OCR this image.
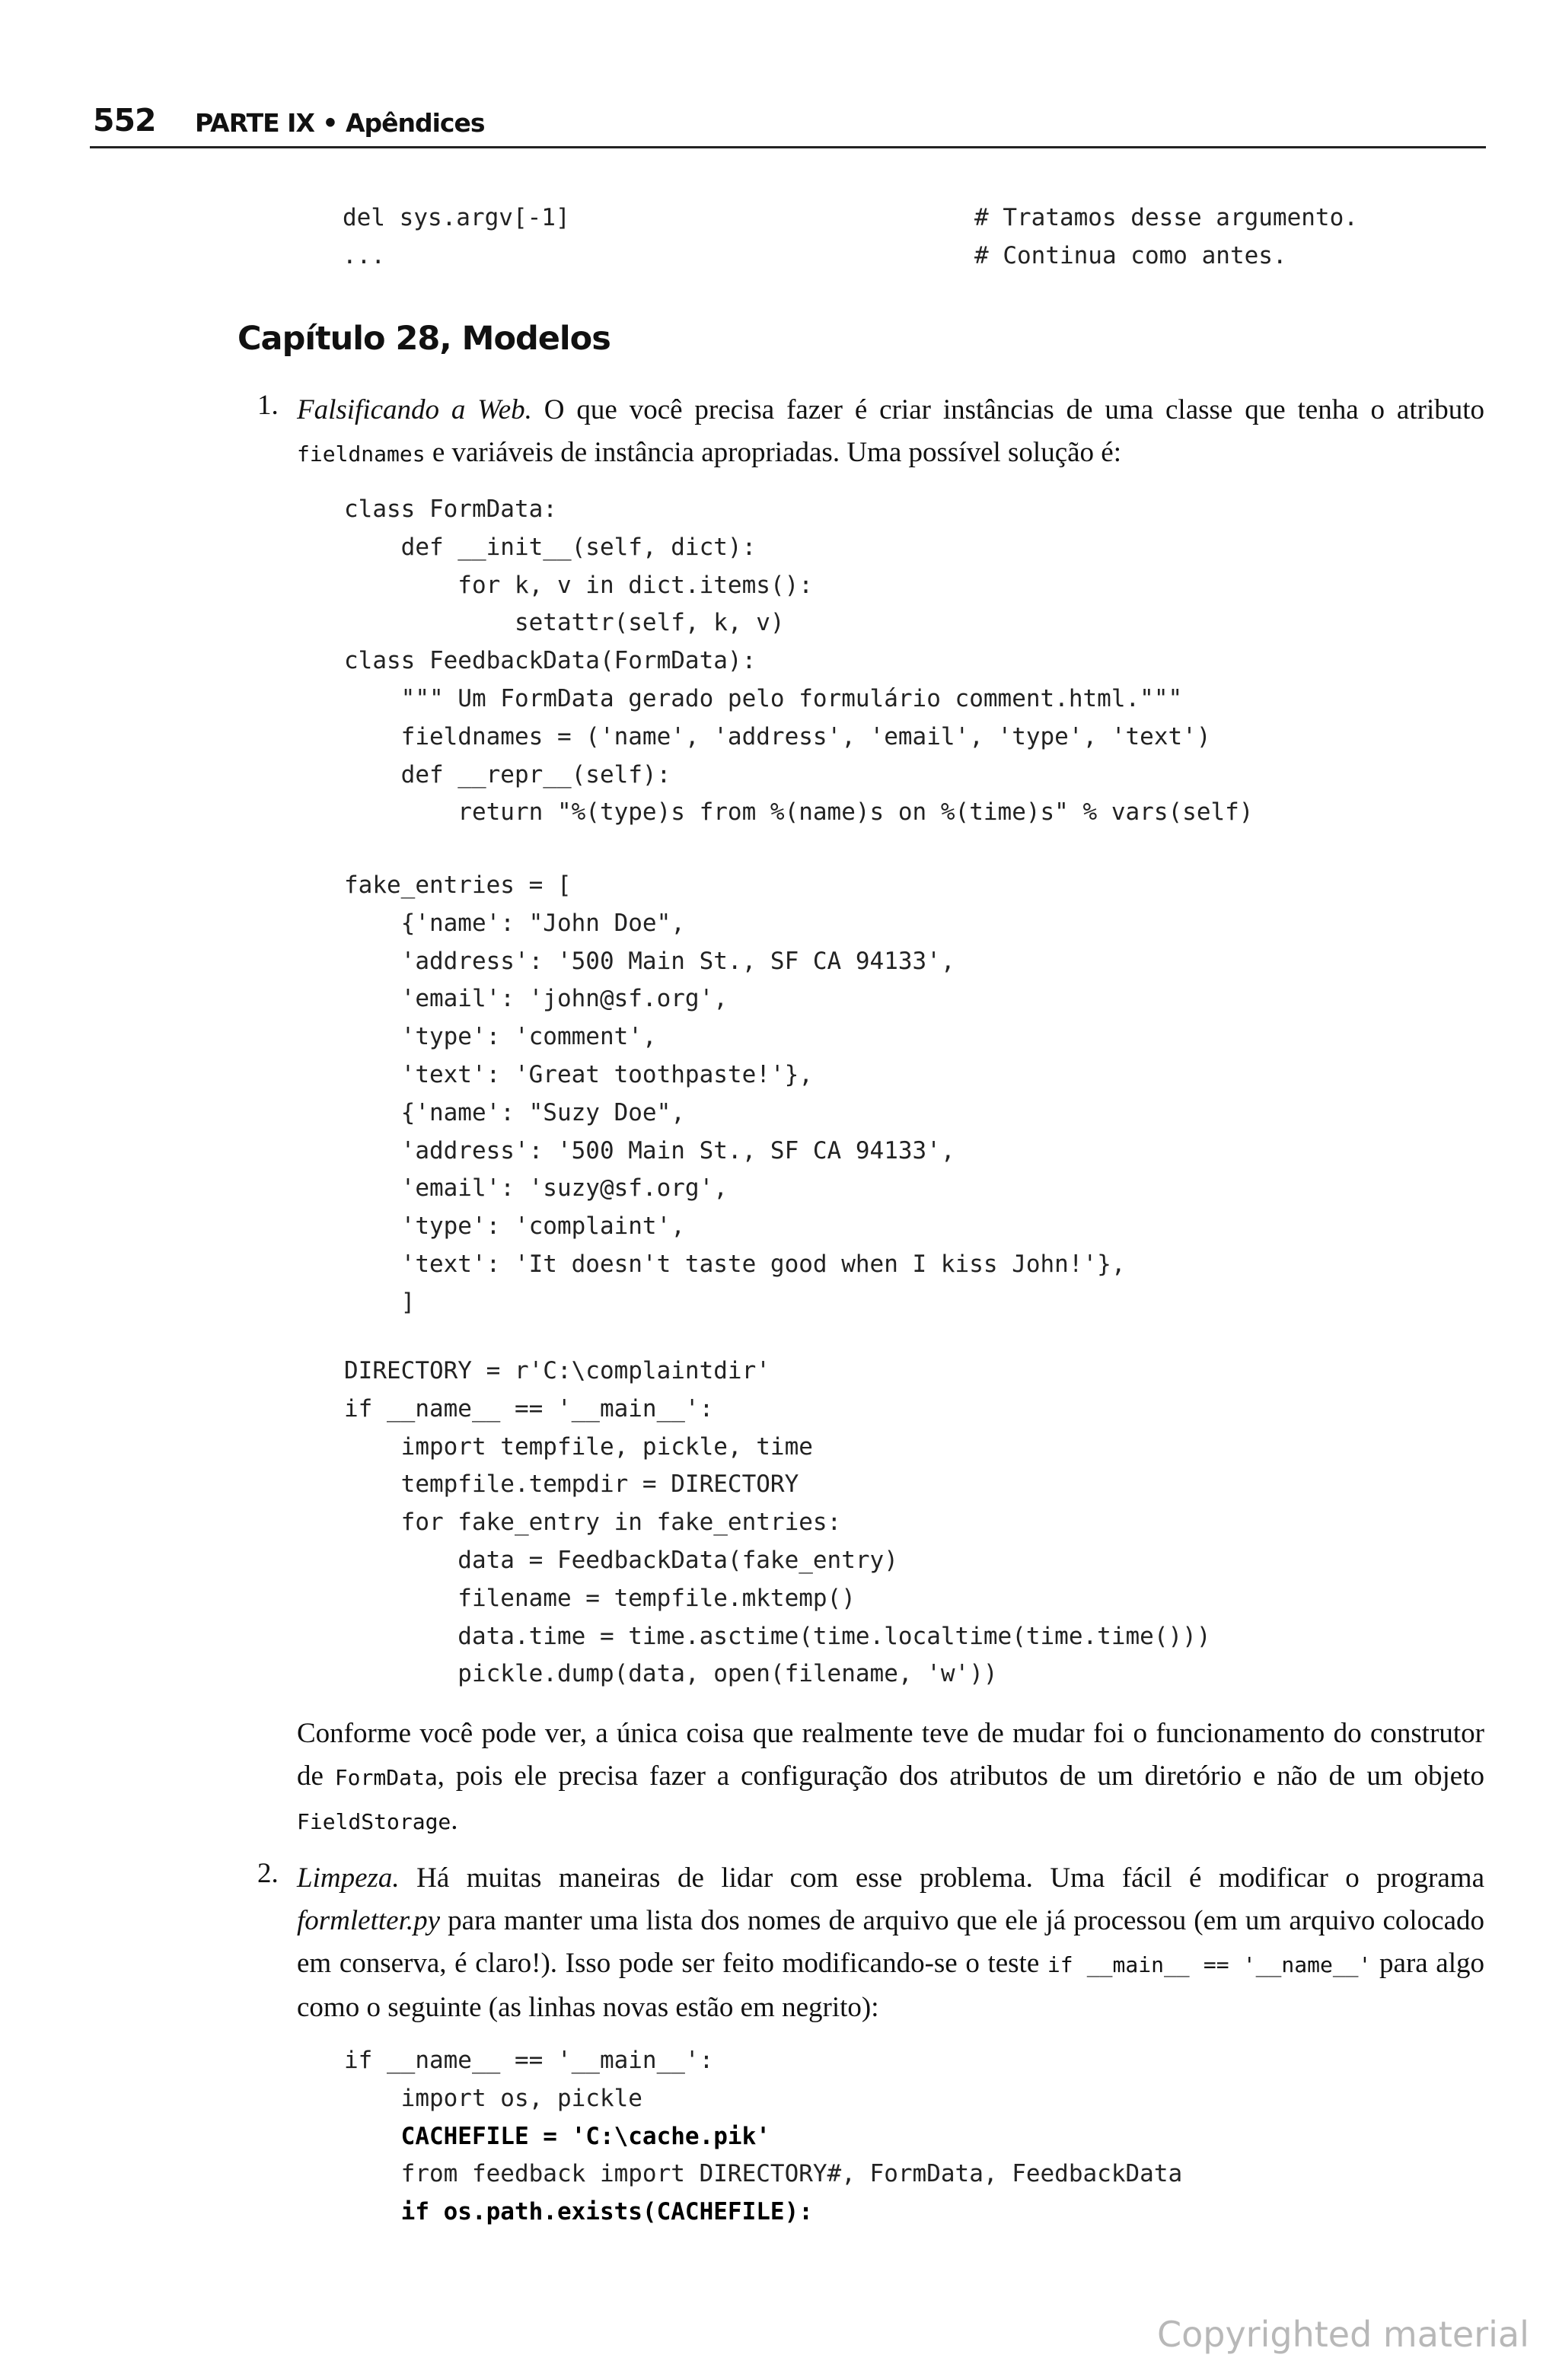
552 PARTE IX • Apêndices
del sys.argv[-1]
...
# Tratamos desse argumento.
# Continua como antes.
Capítulo 28, Modelos
1. Falsificando a Web. O que você precisa fazer é criar instâncias de uma classe que tenha o atributo fieldnames e variáveis de instância apropriadas. Uma possível solução é:
class FormData:
def __init__(self, dict):
for k, v in dict.items():
setattr(self, k, v)
class FeedbackData(FormData):
""" Um FormData gerado pelo formulário comment.html."""
fieldnames = ('name', 'address', 'email', 'type', 'text')
def __repr__(self):
return "%(type)s from %(name)s on %(time)s" % vars(self)
fake_entries = [
{'name': "John Doe",
'address': '500 Main St., SF CA 94133',
'email': 'john@sf.org',
'type': 'comment',
'text': 'Great toothpaste!'},
{'name': "Suzy Doe",
'address': '500 Main St., SF CA 94133',
'email': 'suzy@sf.org',
'type': 'complaint',
'text': 'It doesn't taste good when I kiss John!'},
]
DIRECTORY = r'C:\complaintdir'
if __name__ == '__main__':
import tempfile, pickle, time
tempfile.tempdir = DIRECTORY
for fake_entry in fake_entries:
data = FeedbackData(fake_entry)
filename = tempfile.mktemp()
data.time = time.asctime(time.localtime(time.time()))
pickle.dump(data, open(filename, 'w'))
Conforme você pode ver, a única coisa que realmente teve de mudar foi o funcionamento do construtor de FormData, pois ele precisa fazer a configuração dos atributos de um diretório e não de um objeto FieldStorage.
2. Limpeza. Há muitas maneiras de lidar com esse problema. Uma fácil é modificar o programa formletter.py para manter uma lista dos nomes de arquivo que ele já processou (em um arquivo colocado em conserva, é claro!). Isso pode ser feito modificando-se o teste if __main__ == '__name__' para algo como o seguinte (as linhas novas estão em negrito):
if __name__ == '__main__':
import os, pickle
CACHEFILE = 'C:\cache.pik'
from feedback import DIRECTORY#, FormData, FeedbackData
if os.path.exists(CACHEFILE):
Copyrighted material
